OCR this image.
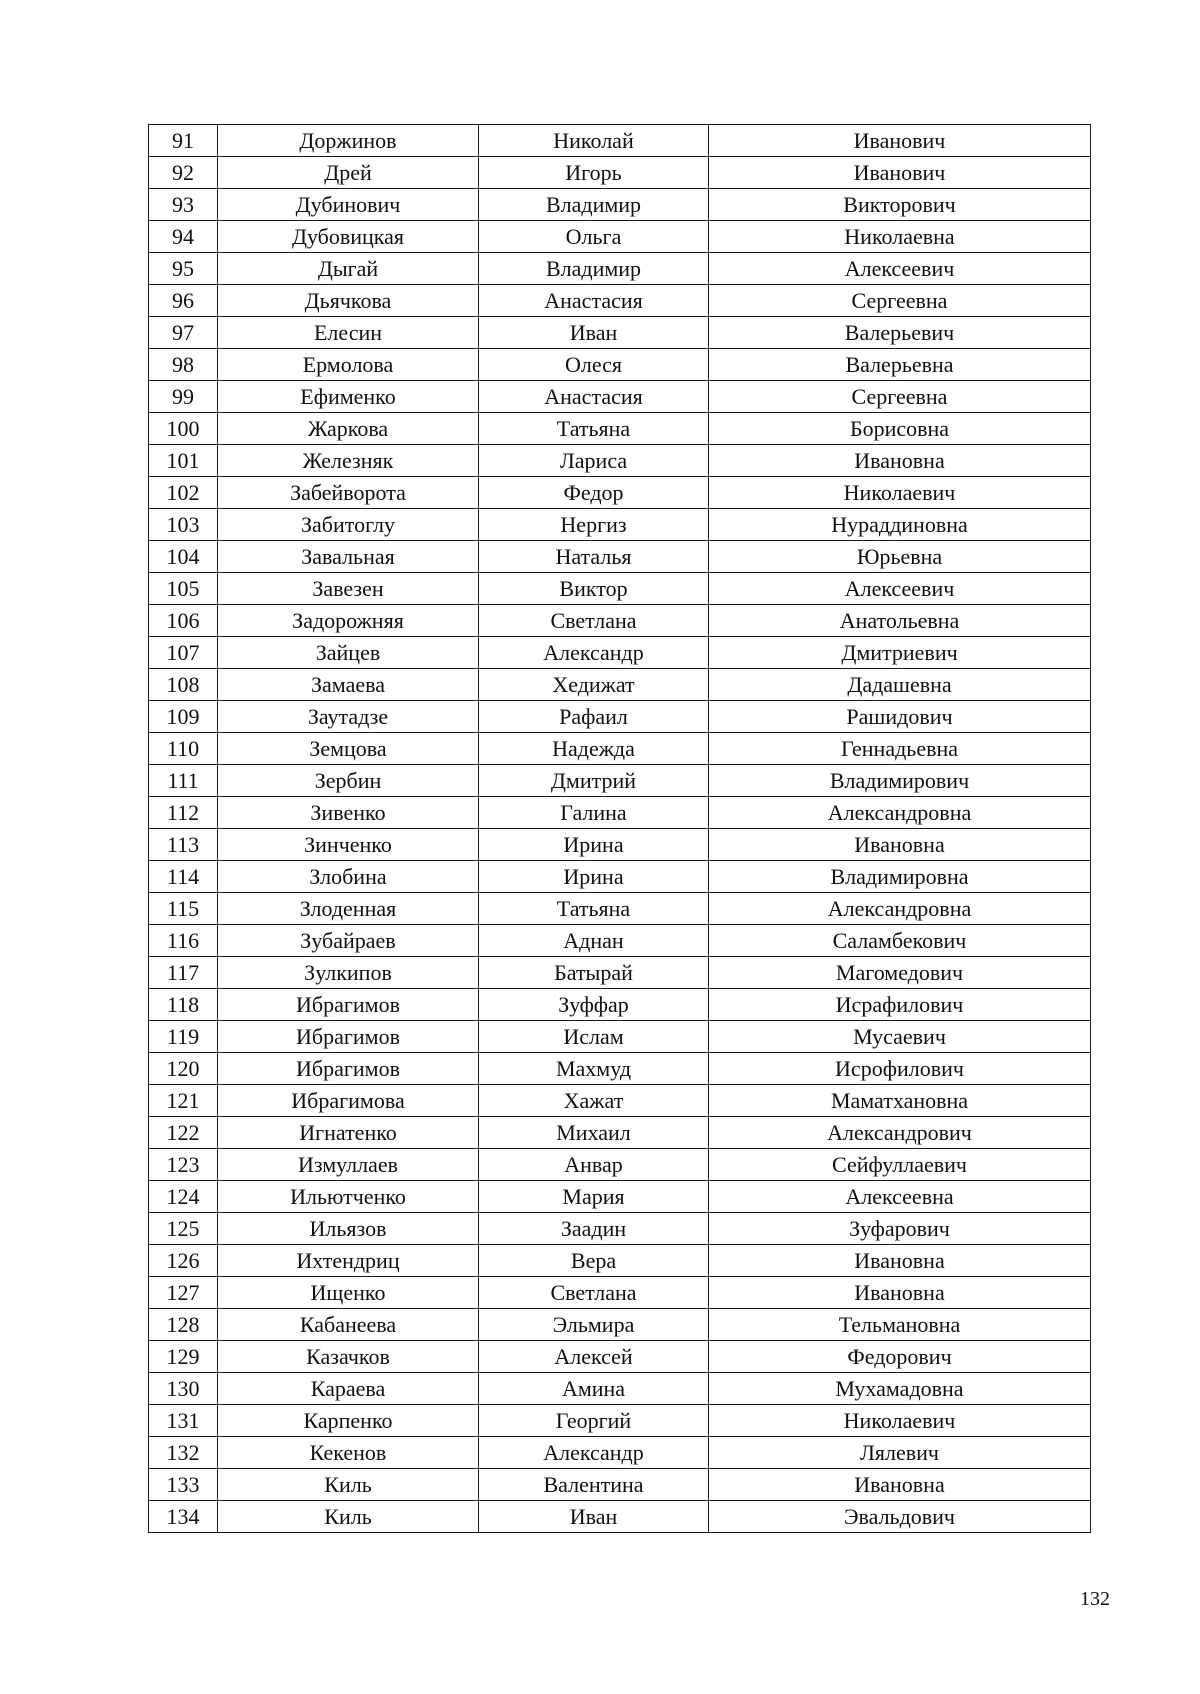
91	Доржинов	Николай	Иванович
92	Дрей	Игорь	Иванович
93	Дубинович	Владимир	Викторович
94	Дубовицкая	Ольга	Николаевна
95	Дыгай	Владимир	Алексеевич
96	Дьячкова	Анастасия	Сергеевна
97	Елесин	Иван	Валерьевич
98	Ермолова	Олеся	Валерьевна
99	Ефименко	Анастасия	Сергеевна
100	Жаркова	Татьяна	Борисовна
101	Железняк	Лариса	Ивановна
102	Забейворота	Федор	Николаевич
103	Забитоглу	Нергиз	Нураддиновна
104	Завальная	Наталья	Юрьевна
105	Завезен	Виктор	Алексеевич
106	Задорожняя	Светлана	Анатольевна
107	Зайцев	Александр	Дмитриевич
108	Замаева	Хедижат	Дадашевна
109	Заутадзе	Рафаил	Рашидович
110	Земцова	Надежда	Геннадьевна
111	Зербин	Дмитрий	Владимирович
112	Зивенко	Галина	Александровна
113	Зинченко	Ирина	Ивановна
114	Злобина	Ирина	Владимировна
115	Злоденная	Татьяна	Александровна
116	Зубайраев	Аднан	Саламбекович
117	Зулкипов	Батырай	Магомедович
118	Ибрагимов	Зуффар	Исрафилович
119	Ибрагимов	Ислам	Мусаевич
120	Ибрагимов	Махмуд	Исрофилович
121	Ибрагимова	Хажат	Маматхановна
122	Игнатенко	Михаил	Александрович
123	Измуллаев	Анвар	Сейфуллаевич
124	Ильютченко	Мария	Алексеевна
125	Ильязов	Заадин	Зуфарович
126	Ихтендриц	Вера	Ивановна
127	Ищенко	Светлана	Ивановна
128	Кабанеева	Эльмира	Тельмановна
129	Казачков	Алексей	Федорович
130	Караева	Амина	Мухамадовна
131	Карпенко	Георгий	Николаевич
132	Кекенов	Александр	Лялевич
133	Киль	Валентина	Ивановна
134	Киль	Иван	Эвальдович
132
